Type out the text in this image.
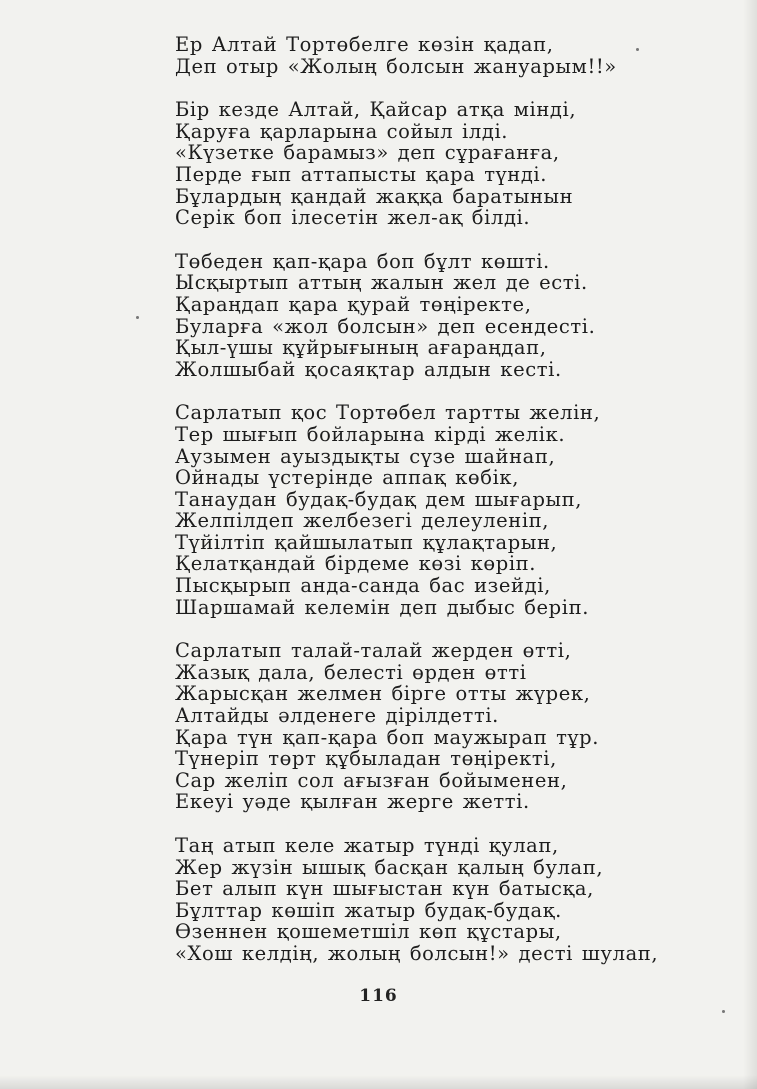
Ер Алтай Тортөбелге көзін қадап,
Деп отыр «Жолың болсын жануарым!!»
Бір кезде Алтай, Қайсар атқа мінді,
Қаруға қарларына сойыл ілді.
«Күзетке барамыз» деп сұрағанға,
Перде ғып аттапысты қара түнді.
Бұлардың қандай жаққа баратынын
Серік боп ілесетін жел-ақ білді.
Төбеден қап-қара боп бұлт көшті.
Ысқыртып аттың жалын жел де есті.
Қараңдап қара қурай төңіректе,
Буларға «жол болсын» деп есендесті.
Қыл-үшы құйрығының ағараңдап,
Жолшыбай қосаяқтар алдын кесті.
Сарлатып қос Тортөбел тартты желін,
Тер шығып бойларына кірді желік.
Аузымен ауыздықты сүзе шайнап,
Ойнады үстерінде аппақ көбік,
Танаудан будақ-будақ дем шығарып,
Желпілдеп желбезегі делеуленіп,
Түйілтіп қайшылатып құлақтарын,
Қелатқандай бірдеме көзі көріп.
Пысқырып анда-санда бас изейді,
Шаршамай келемін деп дыбыс беріп.
Сарлатып талай-талай жерден өтті,
Жазық дала, белесті өрден өтті
Жарысқан желмен бірге отты жүрек,
Алтайды әлденеге дірілдетті.
Қара түн қап-қара боп маужырап тұр.
Түнеріп төрт құбыладан төңіректі,
Сар желіп сол ағызған бойыменен,
Екеуі уәде қылған жерге жетті.
Таң атып келе жатыр түнді қулап,
Жер жүзін ышық басқан қалың булап,
Бет алып күн шығыстан күн батысқа,
Бұлттар көшіп жатыр будақ-будақ.
Өзеннен қошеметшіл көп құстары,
«Хош келдің, жолың болсын!» десті шулап,
116
